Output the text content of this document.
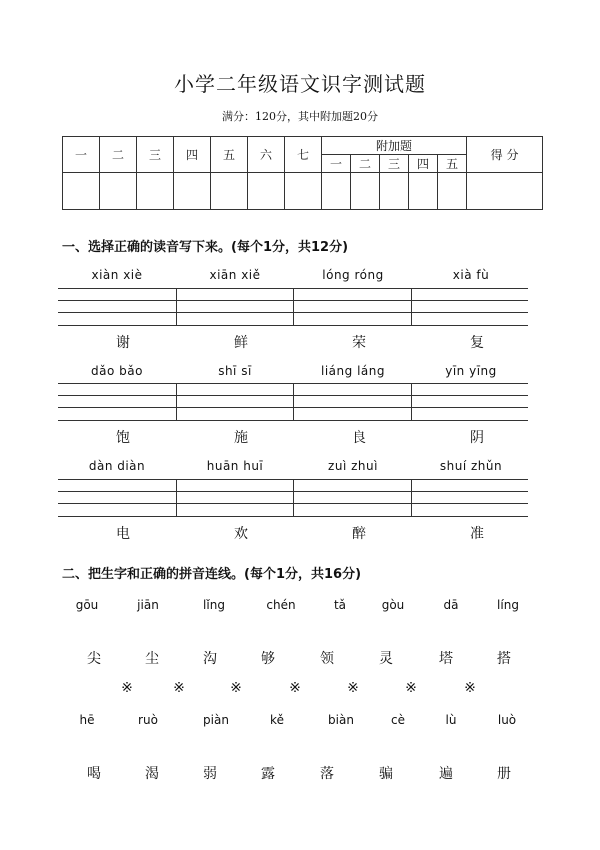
小学二年级语文识字测试题
满分：120分，其中附加题20分
一	二	三	四	五	六	七	附加题					得 分
							一	二	三	四	五	

一、选择正确的读音写下来。(每个1分，共12分)
xiàn xiè	xiān xiě	lóng róng	xià fù
谢	鲜	荣	复
dǎo bǎo	shī sī	liáng láng	yīn yīng
饱	施	良	阴
dàn diàn	huān huī	zuì zhuì	shuí zhǔn
电	欢	醉	准
二、把生字和正确的拼音连线。(每个1分，共16分)
gōu	jiān	lǐng	chén	tǎ	gòu	dā	líng
尖	尘	沟	够	领	灵	塔	搭
※	※	※	※	※	※	※
hē	ruò	piàn	kě	biàn	cè	lù	luò
喝	渴	弱	露	落	骗	遍	册
